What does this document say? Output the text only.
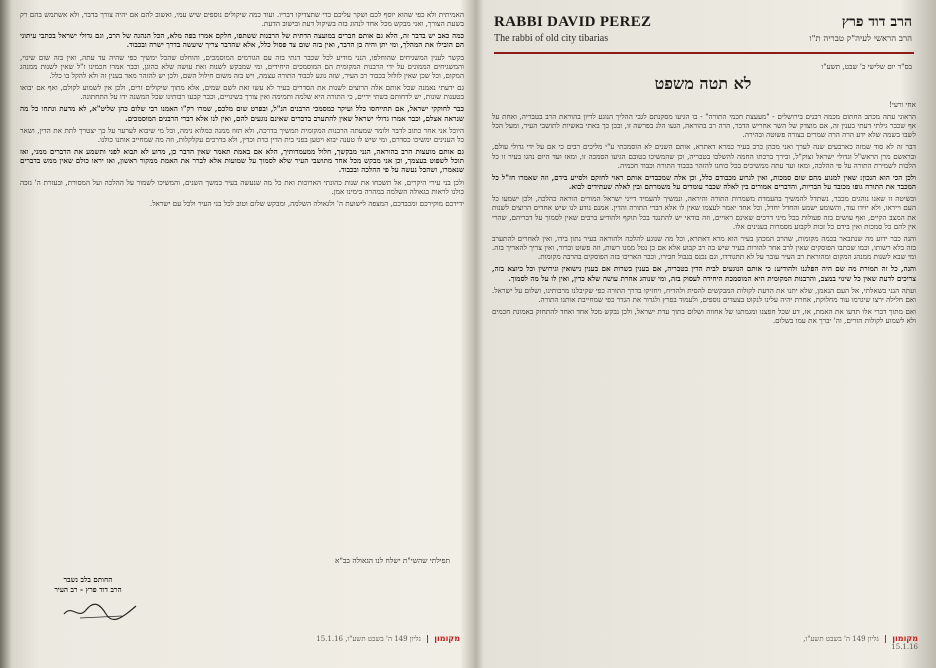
האמיתית ולא כפי שהוא יוסף לכם ושקר עליכם כדי שתצדיקו דבריו. ועוד כמה שיקולים נוספים שיש עמי, ואשוב להם אם יהיה צורך בדבר, ולא אשתמש בהם רק בשעת הצורך, ואני מבקש מכל אחד לנהוג בזה בשיקול דעת ובישוב הדעת.

כמה כאב יש בדבר זה, הלא גם אותם חברים במועצה הדתית של הרבנות ששתפו, חלקם אמרו בפה מלא, הכל הנהגה של הרב, וגם גדולי ישראל בכתבי עיתוני הם הובילו את המהלך, ומי יתן והיה כן הדבר, ואין בזה שום צד פסול כלל, אלא שהדבר צריך שיעשה בדרך ישרה ובכבוד.

בקשר לענין המשגיחים שהוחלפו, הנני מודיע לכל שכבר דנתי בזה עם הגורמים המוסמכים, והוחלט שהכל ימשיך כפי שהיה עד עתה, ואין בזה שום שינוי, והמשגיחים הממונים על ידי הרבנות המקומית הם המוסמכים היחידים, ומי שמבקש לשנות זאת עושה שלא כהוגן, וכבר אמרו חכמינו ז"ל שאין לשנות ממנהג המקום, וכל שכן שאין לזלזל בכבוד רב העיר, שזה נוגע לכבוד התורה עצמה, ויש בזה משום חילול השם, ולכן יש להזהר מאד בענין זה ולא להקל בו כלל.

גם ידעתי נאמנה שכל אותם אלה הרוצים לשנות את הסדרים בעיר לא עשו זאת לשם שמים, אלא מתוך שיקולים זרים, ולכן אין לשמוע לקולם, ואף אם יבואו בטענות שונות, יש לדחותם בשתי ידיים, כי התורה היא שלמה ותמימה ואין צורך בשינויים, וכבר קבעו רבותינו שכל המשנה ידו על התחתונה.

כבר לחוקקי ישראל, אם תתייחסו כלל ועיקר כמסמכי הרבנים הנ"ל, ובפרט שום מלכם, שמרו רק"ו האמנו רבי שלום כהן שליט"א, לא מדעת ונתחו כל מה שנראה אצלם, וכבר אמרו גדולי ישראל שאין להתערב בדברים שאינם נוגעים להם, ואין לנו אלא דברי הרבנים המוסמכים.

היוכל אני אחר כתוב לדבר ולומר שמעתה הרבנות המקומית תמשיך בדרכה, ולא תזוז ממנה כמלוא נימה, וכל מי שיבוא לערער על כך יצטרך לתת את הדין, ושאר כל הענינים ימשיכו כסדרם, ומי שיש לו טענה יבוא ויטען בפני בית הדין כדת וכדין, ולא בדרכים עקלקלות, וזה מה שמחייב אותנו כולנו.

גם אותם מועצות הרב בהוראה, הנני מבקשך, חלול ממעמדותיך, הלא אם באמת תאמר שאין הדבר כן, מדוע לא תבוא לפני ותשמע את הדברים ממני, ואז תוכל לשפוט בעצמך, וכן אני מבקש מכל אחד מתושבי העיר שלא לסמוך על שמועות אלא לברר את האמת ממקור ראשון, ואז יראו כולם שאין ממש בדברים שנאמרו, ושהכל נעשה על פי ההלכה ובכבוד.

ולכן בני עירי היקרים, אל תשכחו את שנות כהונתי הארוכות ואת כל מה שנעשה בעיר במשך השנים, והמשיכו לשמור על ההלכה ועל המסורת, ובעזרת ה' נזכה כולנו לראות בגאולה השלמה במהרה בימינו אמן.

ידידכם מוקירכם ומכבדכם, המצפה לישועת ה' ולגאולה השלמה, ומבקש שלום וטוב לכל בני העיר ולכל עם ישראל.

תפילתי שהשי"ת ישלח לנו הגאולה בב"א
החותם בלב נשבר
הרב דוד פרץ - רב העיר
מקומון  גליון 149 ה' בשבט תשע"ו, 15.1.16
RABBI DAVID PEREZ
The rabbi of old city tibarias
הרב דוד פרץ
הרב הראשי לעיה"ק טבריה ת"ו
בס"ד יום שלישי ב' שבט, תשע"ו
לא תטה משפט
אחי ורעי!

הראוני עתה מכתב החתום מכמה רבנים בירושלים - "מעעצת חכמי התורה" - בו הגיעו מסקנתם לגבי ההליך הנוגע לדיון בהוראת הרב בטבריה, ואחת על אף שכבר גילתי דעתי בענין זה, אם מוצדק של השר אחריש הדבר, הרה רב בהוראה, הגעו הלנ בפרשה זו, ובכן כך באתי באשיות לתושבי העיר, ומעל הכל לשבו בשמה שלא ידע הרה הרה שמרים בצורה פשוטה ובהירה.

דבר זה לא סוד שמזה כארבעים שנה לערך ואני מכהן כרב בעיר כמרא דאתרא, אותם השנים לא הוסמכתי ע"י מליכים רבים כי אם על ידי גדולי עולם, ובראשם מרן הראש"ל וגדולי ישראל זצוק"ל, ובירך ברכתו החמה להשלבו בטבריה, וכן שהמשיכו בטובם הגיעו הסמכה זו, ומאז ועד היום נהגו בעיר זו כל הלכות לשמירת התורה על פי ההלכה, ומאז ועד עתה ממשיכים בכל כוחנו להזהר בכבוד התורה וכבוד חכמיה.

ולכן הכי הוא הנכון: שאין למנוע מהם שום סמכות, ואין לגרוע מכבודם כלל, וכן אלה שמכבדים אותם ראוי לחזקם ולסייע בידם, וזה שאמרו חז"ל כל המכבד את התורה גופו מכובד על הבריות, והדברים אמורים בין לאלה שכבר עומדים על משמרתם ובין לאלה שעתידים לבוא.

ובשיטה זו שאנו נוהגים מכבר, נשתדל להמשיך בהעמדת משמרות התורה והיראה, ונמשיך להעמיד דייני ישראל המורים הוראה כהלכה, ולכן ישמעו כל העם וייראו, ולא יזידו עוד, והשומע ישמע והחדל יחדל, וכל אחד יאמר לעצמו שאין לו אלא דברי התורה והדין. אמנם נודע לנו שיש אחדים הרוצים לשנות את המצב הקיים, ואף עושים בזה פעולות בכל מיני דרכים שאינם ראויים, וזה בודאי יש להתנגד בכל תוקף ולהודיע ברבים שאין לסמוך על דבריהם, שהרי אין להם כל סמכות ואין בידם כל זכות לקבוע מסמרות בענינים אלו.

והנה כבר ידוע מה שנתבאר בכמה מקומות, שהרב המכהן בעיר הוא מרא דאתרא, וכל מה שנוגע להלכה ולהוראה בעיר נתון בידו, ואין לאחרים להתערב בזה בלא רשותו, וכמו שכתבו הפוסקים שאין לרב אחר להורות בעיר שיש בה רב קבוע אלא אם כן נטל ממנו רשות, וזה פשוט וברור, ואין צריך להאריך בזה. ומי שבא לשנות ממנהג המקום ומהוראת רב העיר עובר על לא תתגודדו, וגם נכנס בגבול חבירו, וכבר האריכו בזה הפוסקים בהרבה מקומות.

והנה, כל זה תמורת מה שם היה הפלגנו ולהודיע: כי אותם הנוגעים לבית הדין בטבריה, אם בענין כשרות אם בענין נישואין וגירושין וכל כיוצא בזה, צריכים לדעת שאין כל שינוי במצב, והרבנות המקומית היא המוסמכת היחידה לעסוק בזה, ומי שנוהג אחרת עושה שלא כדין, ואין לו על מה לסמוך.

ועתה הנני בשאלתי, אל העם הנאמן, שלא יתנו את הדעת לקולות המבקשים להסית ולהדיח, ויחזיקו בדרך התורה כפי שקיבלנו מרבותינו, ושלום על ישראל. ואם חלילה ירצו שיגרמו עוד מחלוקת, אחרת יהיה עלינו לנקוט בצעדים נוספים, ולעמוד בפרץ ולגדור את הגדר כפי שמחייבת אותנו התורה.

ואם מתוך דברי אלו תדעו את האמת, אז, דע שכל חפצנו ומגמתנו של אחווה ושלום בתוך עדת ישראל, ולכן נבקש מכל אחד ואחד להתחזק באמונת חכמים ולא לשמוע לקולות הזרים, וה' יברך את עמו בשלום.

מקומון  גליון 149 ה' בשבט תשע"ו, 15.1.16
